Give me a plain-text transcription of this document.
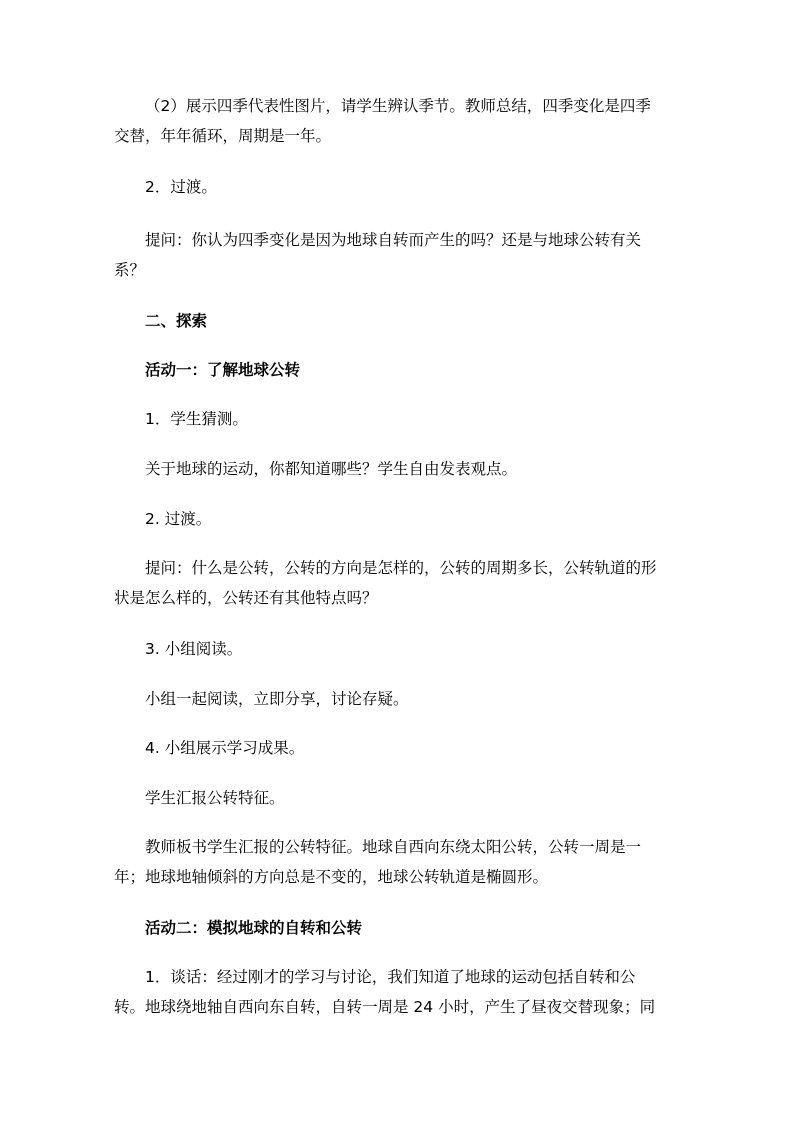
（2）展示四季代表性图片，请学生辨认季节。教师总结，四季变化是四季
交替，年年循环，周期是一年。

2．过渡。

提问：你认为四季变化是因为地球自转而产生的吗？还是与地球公转有关
系？

二、探索

活动一：了解地球公转

1．学生猜测。

关于地球的运动，你都知道哪些？学生自由发表观点。

2. 过渡。

提问：什么是公转，公转的方向是怎样的，公转的周期多长，公转轨道的形
状是怎么样的，公转还有其他特点吗？

3. 小组阅读。

小组一起阅读，立即分享，讨论存疑。

4. 小组展示学习成果。

学生汇报公转特征。

教师板书学生汇报的公转特征。地球自西向东绕太阳公转，公转一周是一
年；地球地轴倾斜的方向总是不变的，地球公转轨道是椭圆形。

活动二：模拟地球的自转和公转

1．谈话：经过刚才的学习与讨论，我们知道了地球的运动包括自转和公
转。地球绕地轴自西向东自转，自转一周是 24 小时，产生了昼夜交替现象；同
